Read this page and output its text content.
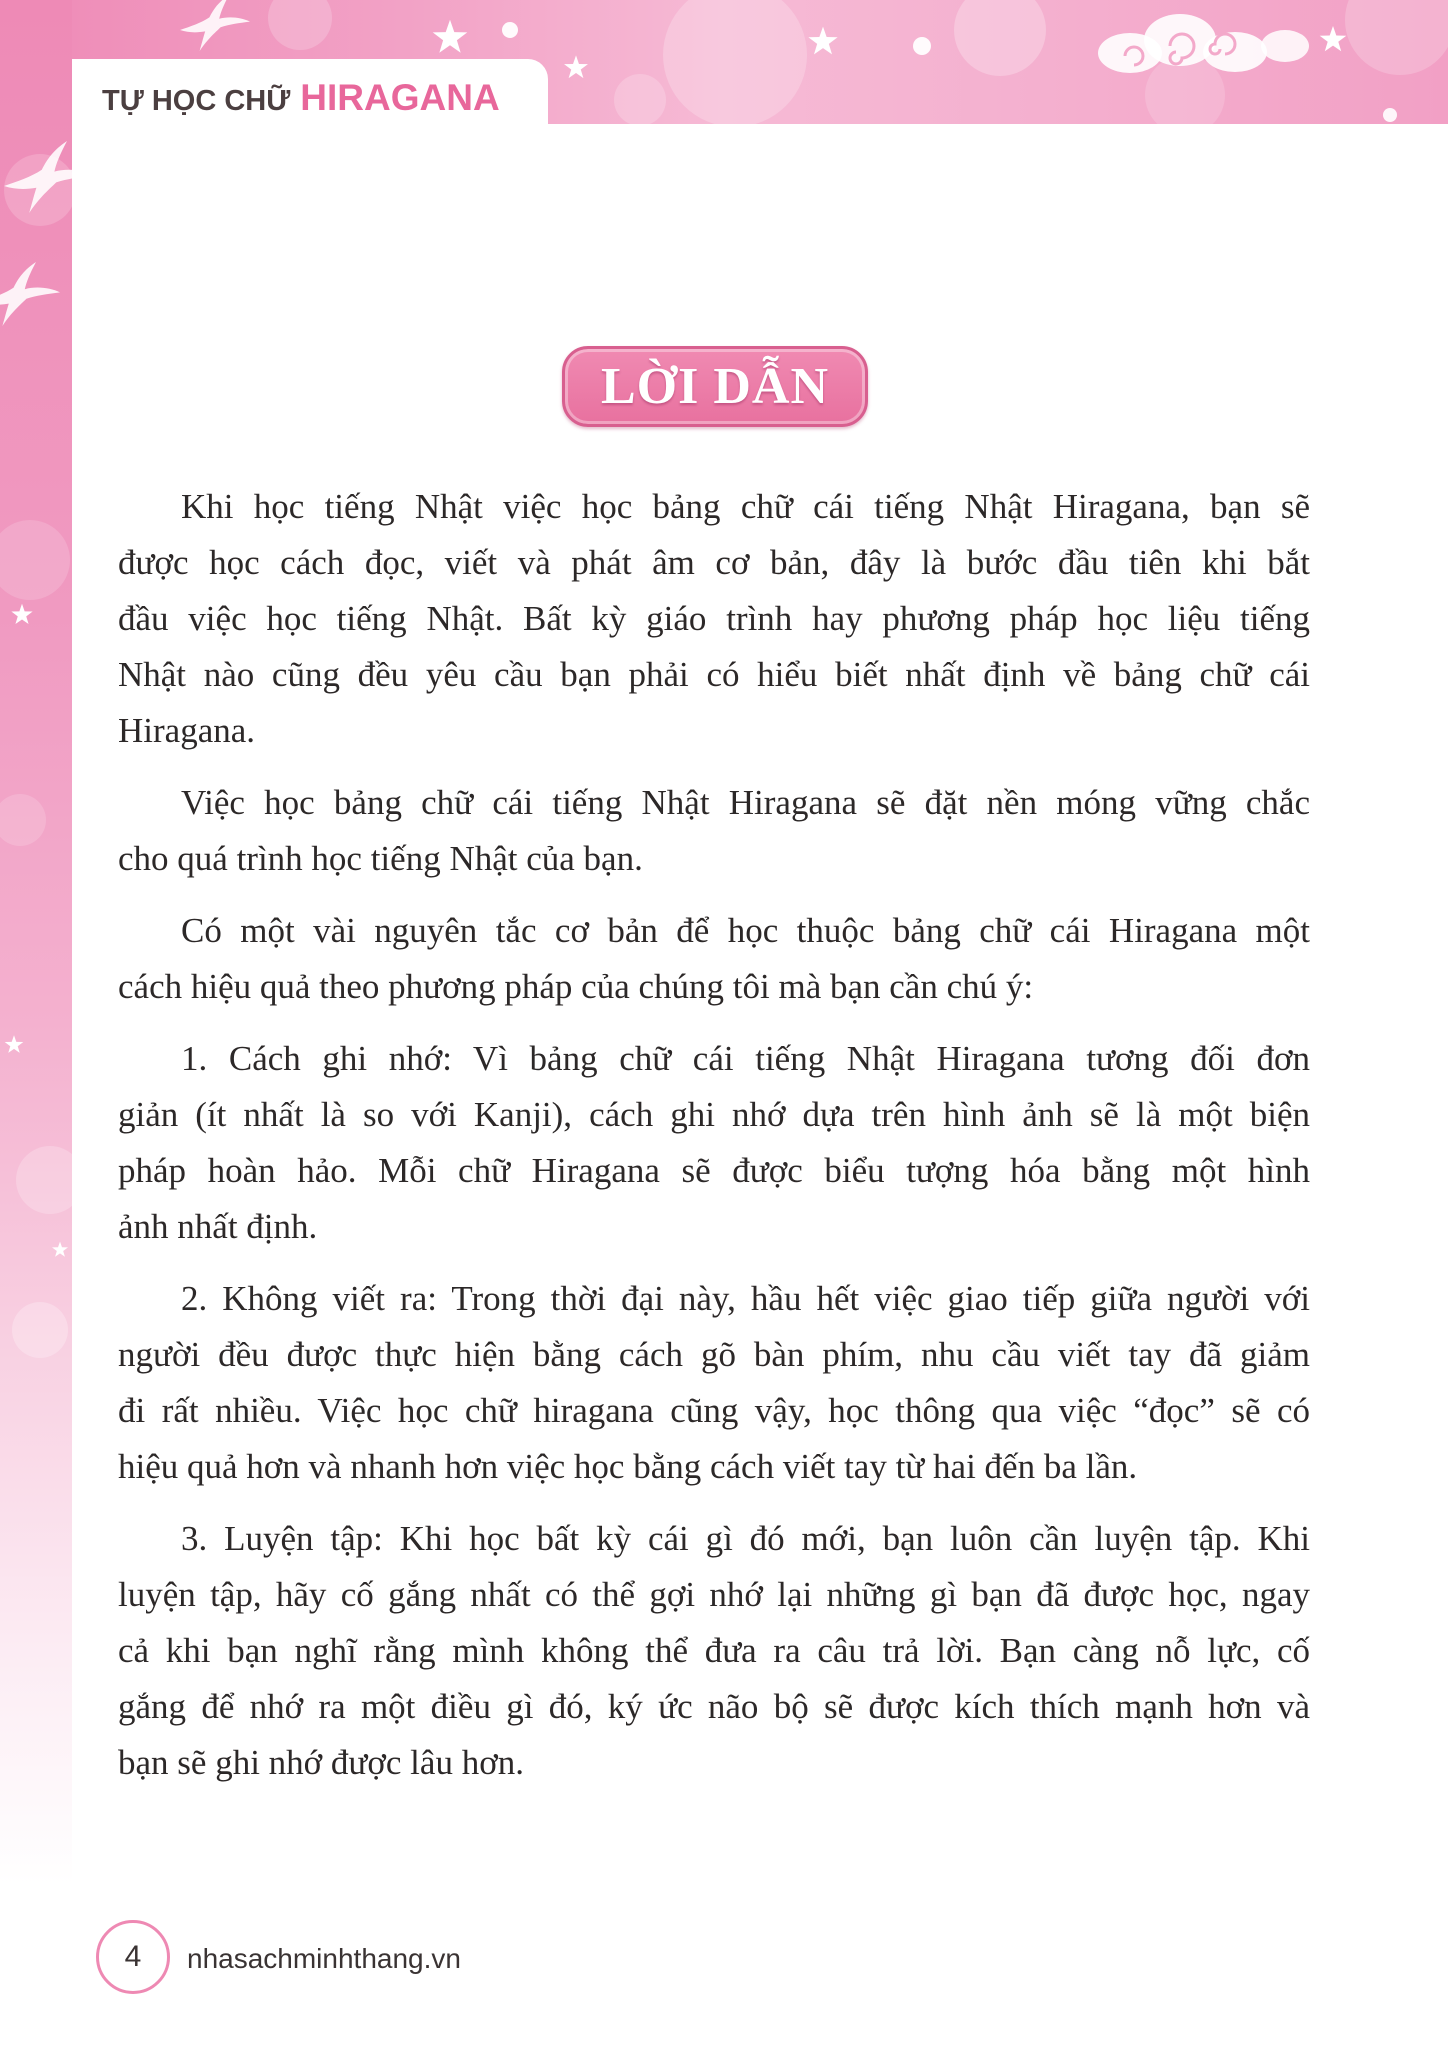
TỰ HỌC CHỮ HIRAGANA
LỜI DẪN
Khi học tiếng Nhật việc học bảng chữ cái tiếng Nhật Hiragana, bạn sẽ
được học cách đọc, viết và phát âm cơ bản, đây là bước đầu tiên khi bắt
đầu việc học tiếng Nhật. Bất kỳ giáo trình hay phương pháp học liệu tiếng
Nhật nào cũng đều yêu cầu bạn phải có hiểu biết nhất định về bảng chữ cái
Hiragana.
Việc học bảng chữ cái tiếng Nhật Hiragana sẽ đặt nền móng vững chắc
cho quá trình học tiếng Nhật của bạn.
Có một vài nguyên tắc cơ bản để học thuộc bảng chữ cái Hiragana một
cách hiệu quả theo phương pháp của chúng tôi mà bạn cần chú ý:
1. Cách ghi nhớ: Vì bảng chữ cái tiếng Nhật Hiragana tương đối đơn
giản (ít nhất là so với Kanji), cách ghi nhớ dựa trên hình ảnh sẽ là một biện
pháp hoàn hảo. Mỗi chữ Hiragana sẽ được biểu tượng hóa bằng một hình
ảnh nhất định.
2. Không viết ra: Trong thời đại này, hầu hết việc giao tiếp giữa người với
người đều được thực hiện bằng cách gõ bàn phím, nhu cầu viết tay đã giảm
đi rất nhiều. Việc học chữ hiragana cũng vậy, học thông qua việc “đọc” sẽ có
hiệu quả hơn và nhanh hơn việc học bằng cách viết tay từ hai đến ba lần.
3. Luyện tập: Khi học bất kỳ cái gì đó mới, bạn luôn cần luyện tập. Khi
luyện tập, hãy cố gắng nhất có thể gợi nhớ lại những gì bạn đã được học, ngay
cả khi bạn nghĩ rằng mình không thể đưa ra câu trả lời. Bạn càng nỗ lực, cố
gắng để nhớ ra một điều gì đó, ký ức não bộ sẽ được kích thích mạnh hơn và
bạn sẽ ghi nhớ được lâu hơn.
4 nhasachminhthang.vn
